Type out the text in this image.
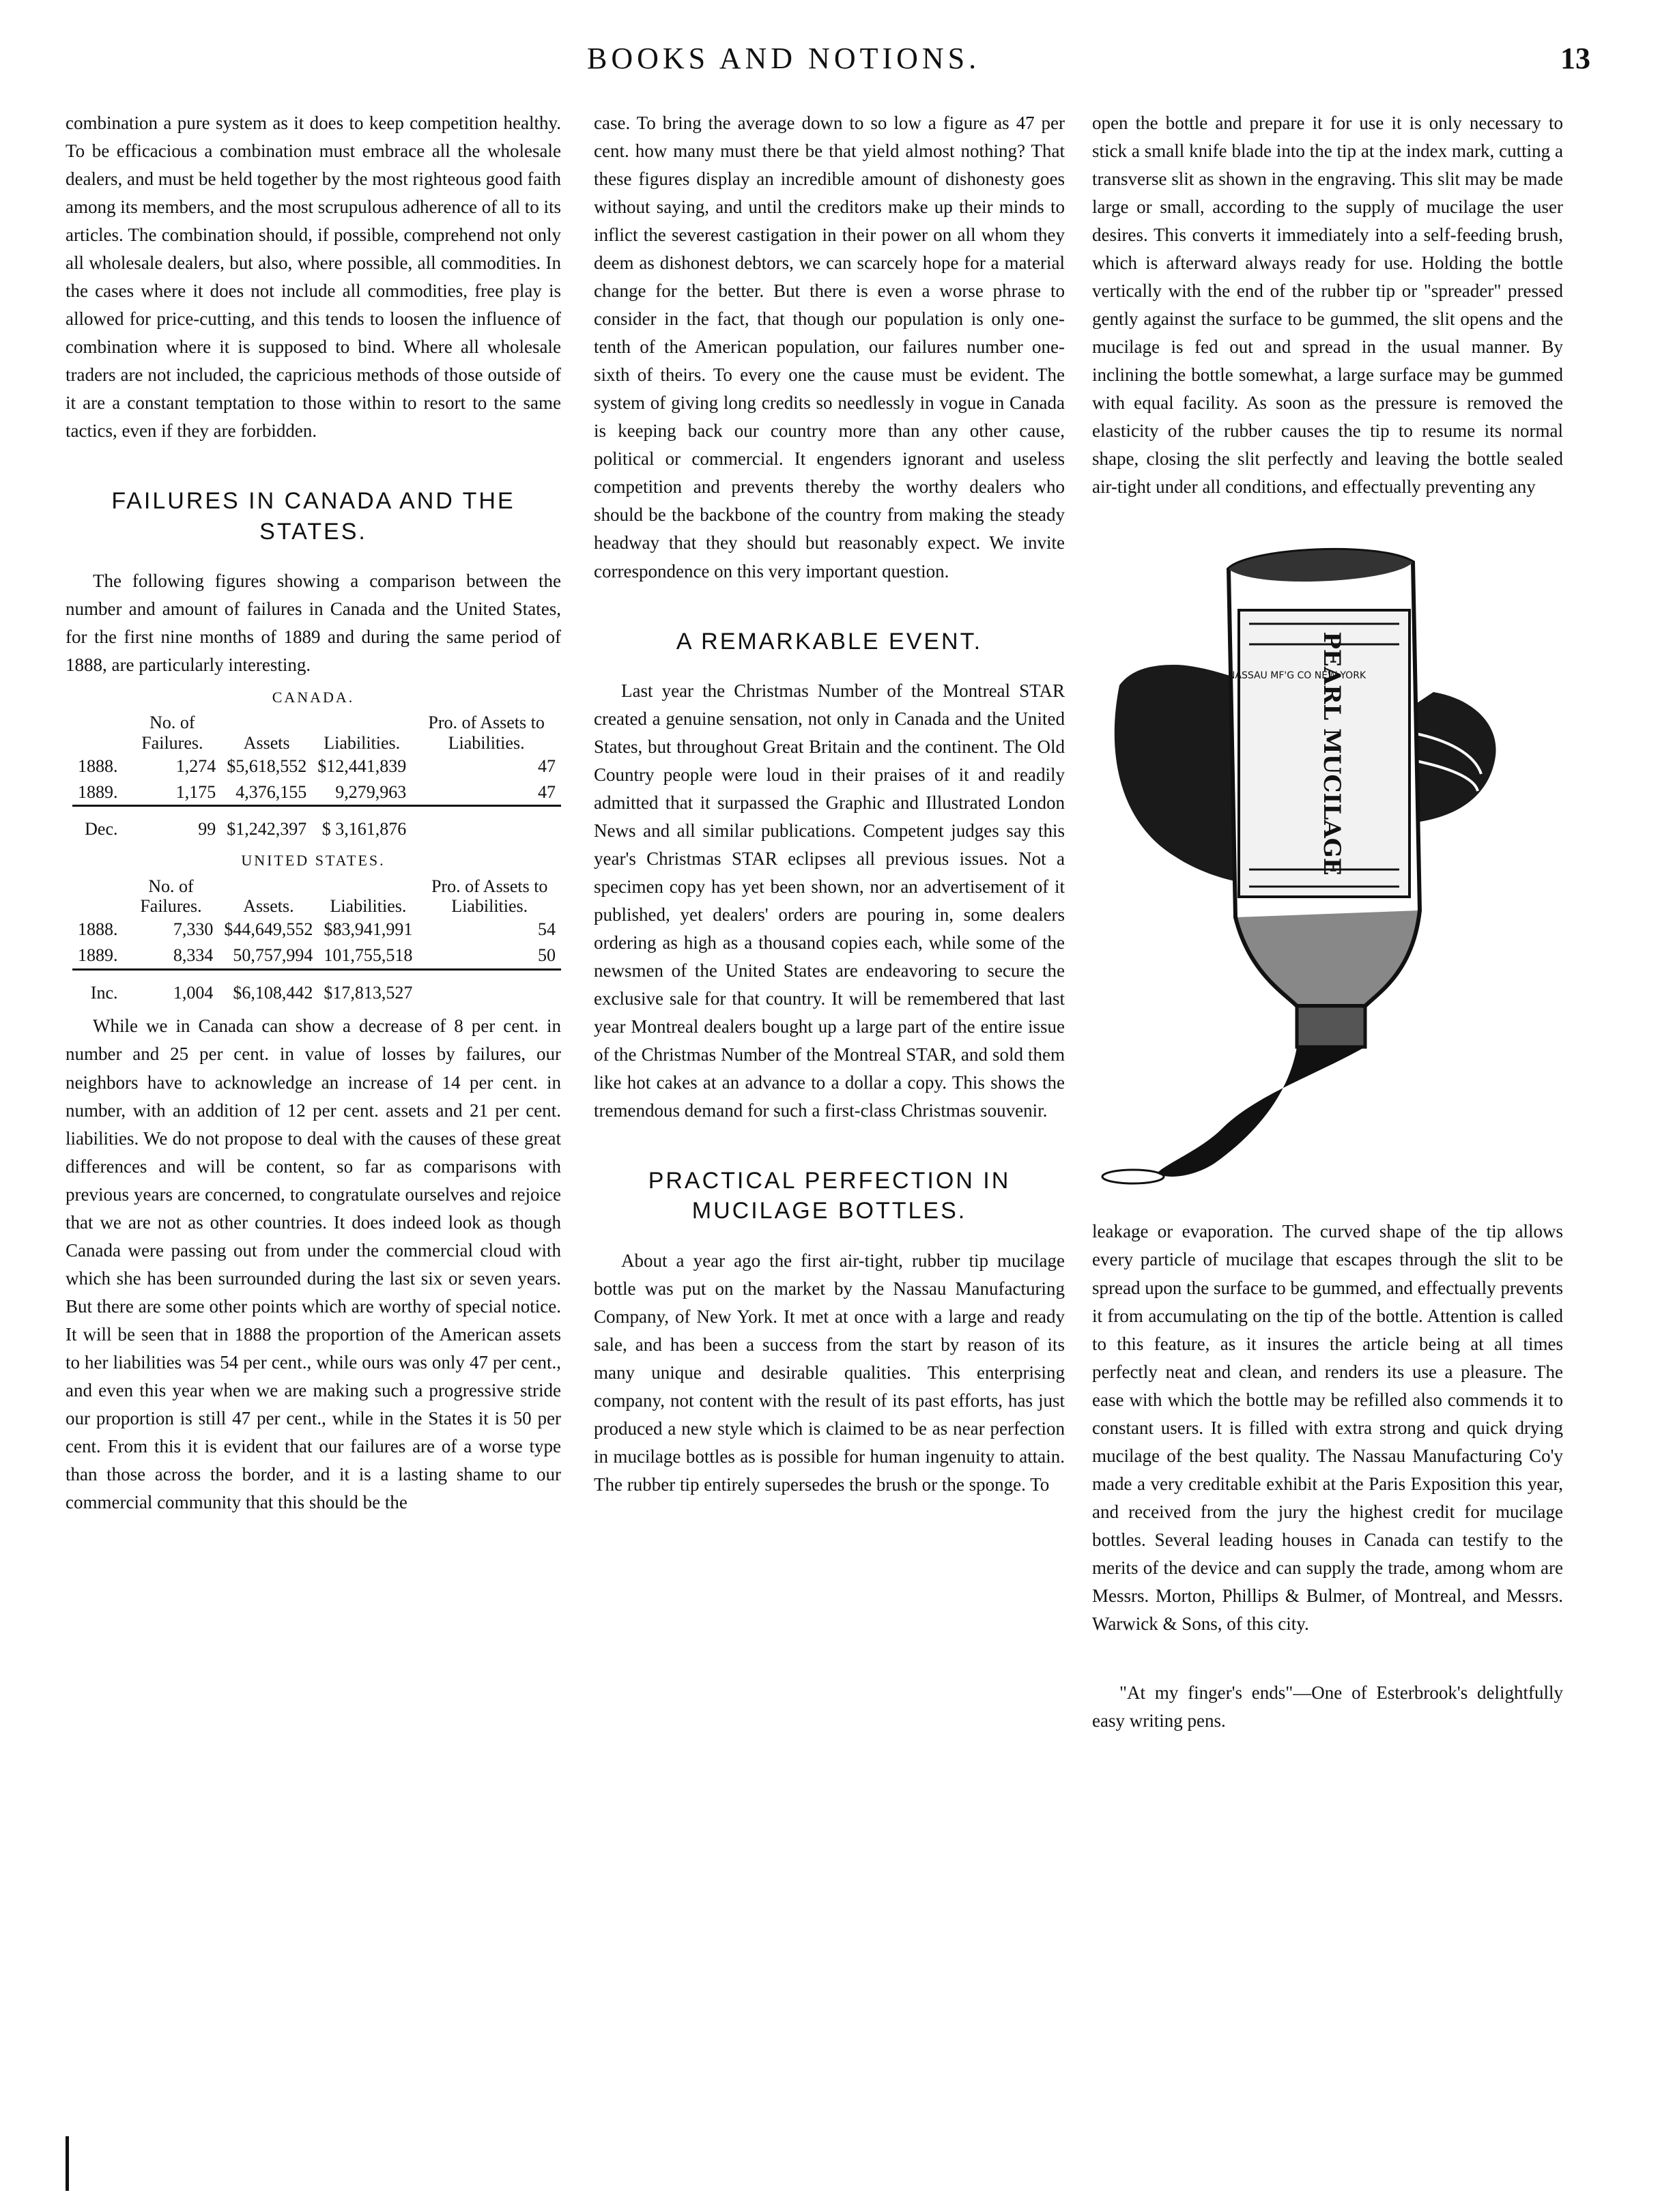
BOOKS AND NOTIONS.	13

combination a pure system as it does to keep competition healthy. To be efficacious a combination must embrace all the wholesale dealers, and must be held together by the most righteous good faith among its members, and the most scrupulous adherence of all to its articles. The combination should, if possible, comprehend not only all wholesale dealers, but also, where possible, all commodities. In the cases where it does not include all commodities, free play is allowed for price-cutting, and this tends to loosen the influence of combination where it is supposed to bind. Where all wholesale traders are not included, the capricious methods of those outside of it are a constant temptation to those within to resort to the same tactics, even if they are forbidden.

FAILURES IN CANADA AND THE STATES.

The following figures showing a comparison between the number and amount of failures in Canada and the United States, for the first nine months of 1889 and during the same period of 1888, are particularly interesting.

CANADA.
	No. of Failures.	Assets	Liabilities.	Pro. of Assets to Liabilities.
1888.	1,274	$5,618,552	$12,441,839	47
1889.	1,175	4,376,155	9,279,963	47
Dec.	99	$1,242,397	$ 3,161,876	
UNITED STATES.
	No. of Failures.	Assets.	Liabilities.	Pro. of Assets to Liabilities.
1888.	7,330	$44,649,552	$83,941,991	54
1889.	8,334	50,757,994	101,755,518	50
Inc.	1,004	$6,108,442	$17,813,527	

While we in Canada can show a decrease of 8 per cent. in number and 25 per cent. in value of losses by failures, our neighbors have to acknowledge an increase of 14 per cent. in number, with an addition of 12 per cent. assets and 21 per cent. liabilities. We do not propose to deal with the causes of these great differences and will be content, so far as comparisons with previous years are concerned, to congratulate ourselves and rejoice that we are not as other countries. It does indeed look as though Canada were passing out from under the commercial cloud with which she has been surrounded during the last six or seven years. But there are some other points which are worthy of special notice. It will be seen that in 1888 the proportion of the American assets to her liabilities was 54 per cent., while ours was only 47 per cent., and even this year when we are making such a progressive stride our proportion is still 47 per cent., while in the States it is 50 per cent. From this it is evident that our failures are of a worse type than those across the border, and it is a lasting shame to our commercial community that this should be the

case. To bring the average down to so low a figure as 47 per cent. how many must there be that yield almost nothing? That these figures display an incredible amount of dishonesty goes without saying, and until the creditors make up their minds to inflict the severest castigation in their power on all whom they deem as dishonest debtors, we can scarcely hope for a material change for the better. But there is even a worse phrase to consider in the fact, that though our population is only one-tenth of the American population, our failures number one-sixth of theirs. To every one the cause must be evident. The system of giving long credits so needlessly in vogue in Canada is keeping back our country more than any other cause, political or commercial. It engenders ignorant and useless competition and prevents thereby the worthy dealers who should be the backbone of the country from making the steady headway that they should but reasonably expect. We invite correspondence on this very important question.

A REMARKABLE EVENT.

Last year the Christmas Number of the Montreal STAR created a genuine sensation, not only in Canada and the United States, but throughout Great Britain and the continent. The Old Country people were loud in their praises of it and readily admitted that it surpassed the Graphic and Illustrated London News and all similar publications. Competent judges say this year's Christmas STAR eclipses all previous issues. Not a specimen copy has yet been shown, nor an advertisement of it published, yet dealers' orders are pouring in, some dealers ordering as high as a thousand copies each, while some of the newsmen of the United States are endeavoring to secure the exclusive sale for that country. It will be remembered that last year Montreal dealers bought up a large part of the entire issue of the Christmas Number of the Montreal STAR, and sold them like hot cakes at an advance to a dollar a copy. This shows the tremendous demand for such a first-class Christmas souvenir.

PRACTICAL PERFECTION IN MUCILAGE BOTTLES.

About a year ago the first air-tight, rubber tip mucilage bottle was put on the market by the Nassau Manufacturing Company, of New York. It met at once with a large and ready sale, and has been a success from the start by reason of its many unique and desirable qualities. This enterprising company, not content with the result of its past efforts, has just produced a new style which is claimed to be as near perfection in mucilage bottles as is possible for human ingenuity to attain. The rubber tip entirely supersedes the brush or the sponge. To

open the bottle and prepare it for use it is only necessary to stick a small knife blade into the tip at the index mark, cutting a transverse slit as shown in the engraving. This slit may be made large or small, according to the supply of mucilage the user desires. This converts it immediately into a self-feeding brush, which is afterward always ready for use. Holding the bottle vertically with the end of the rubber tip or "spreader" pressed gently against the surface to be gummed, the slit opens and the mucilage is fed out and spread in the usual manner. By inclining the bottle somewhat, a large surface may be gummed with equal facility. As soon as the pressure is removed the elasticity of the rubber causes the tip to resume its normal shape, closing the slit perfectly and leaving the bottle sealed air-tight under all conditions, and effectually preventing any

PEARL MUCILAGE
NASSAU MF'G CO NEW YORK

leakage or evaporation. The curved shape of the tip allows every particle of mucilage that escapes through the slit to be spread upon the surface to be gummed, and effectually prevents it from accumulating on the tip of the bottle. Attention is called to this feature, as it insures the article being at all times perfectly neat and clean, and renders its use a pleasure. The ease with which the bottle may be refilled also commends it to constant users. It is filled with extra strong and quick drying mucilage of the best quality. The Nassau Manufacturing Co'y made a very creditable exhibit at the Paris Exposition this year, and received from the jury the highest credit for mucilage bottles. Several leading houses in Canada can testify to the merits of the device and can supply the trade, among whom are Messrs. Morton, Phillips & Bulmer, of Montreal, and Messrs. Warwick & Sons, of this city.

"At my finger's ends"—One of Esterbrook's delightfully easy writing pens.
